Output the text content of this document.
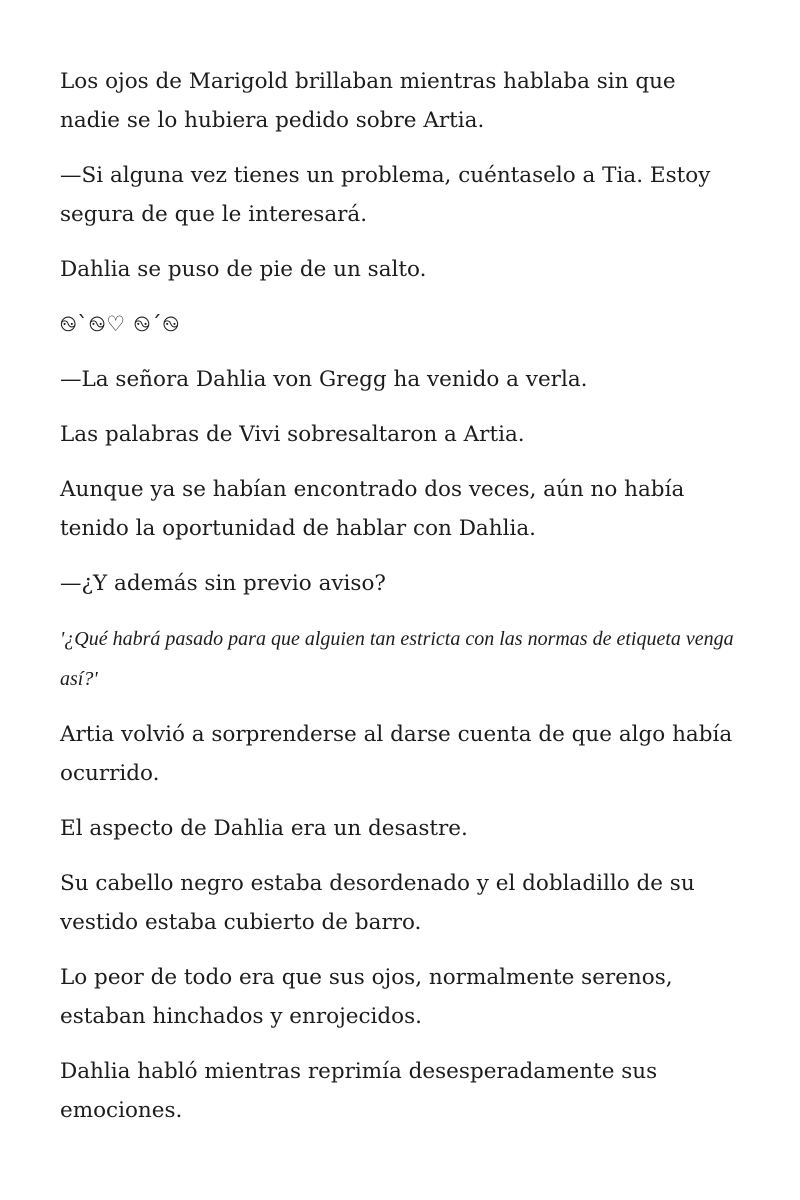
Los ojos de Marigold brillaban mientras hablaba sin que nadie se lo hubiera pedido sobre Artia.

—Si alguna vez tienes un problema, cuéntaselo a Tia. Estoy segura de que le interesará.

Dahlia se puso de pie de un salto.

࿊`࿊♡ ࿊´࿊

—La señora Dahlia von Gregg ha venido a verla.

Las palabras de Vivi sobresaltaron a Artia.

Aunque ya se habían encontrado dos veces, aún no había tenido la oportunidad de hablar con Dahlia.

—¿Y además sin previo aviso?

'¿Qué habrá pasado para que alguien tan estricta con las normas de etiqueta venga así?'

Artia volvió a sorprenderse al darse cuenta de que algo había ocurrido.

El aspecto de Dahlia era un desastre.

Su cabello negro estaba desordenado y el dobladillo de su vestido estaba cubierto de barro.

Lo peor de todo era que sus ojos, normalmente serenos, estaban hinchados y enrojecidos.

Dahlia habló mientras reprimía desesperadamente sus emociones.
